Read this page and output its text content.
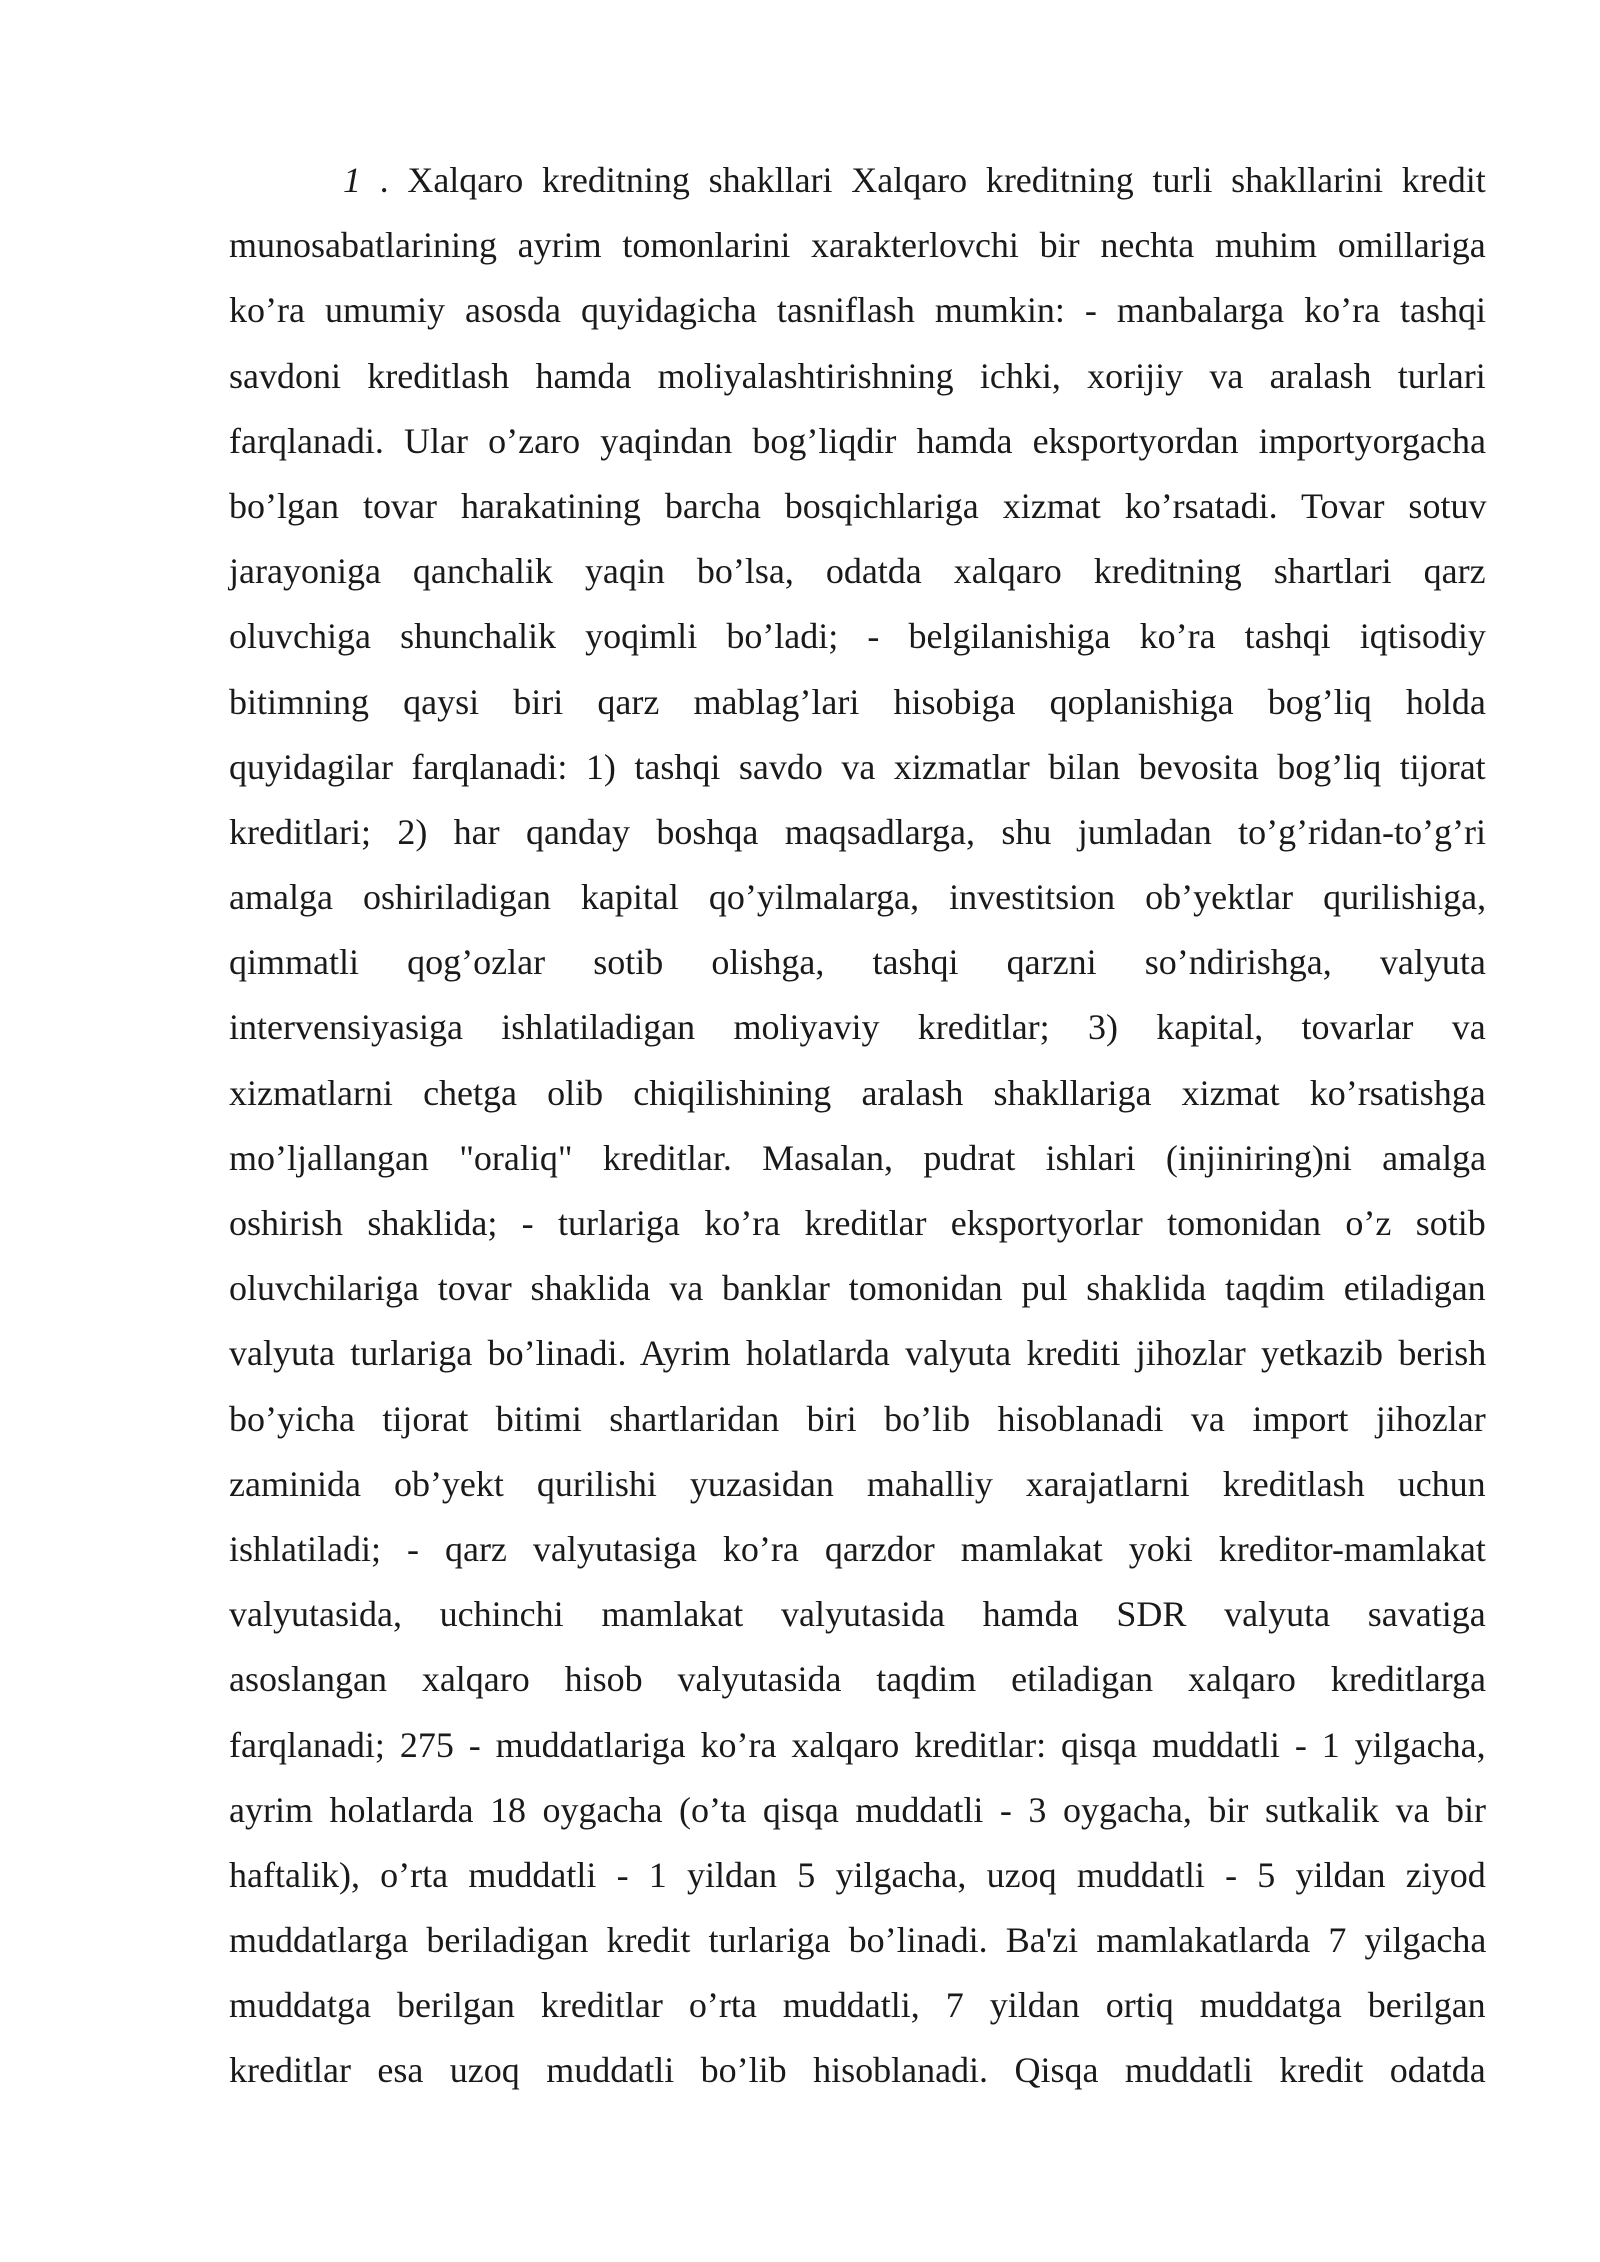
1 . Xalqaro kreditning shakllari Xalqaro kreditning turli shakllarini kredit
munosabatlarining ayrim tomonlarini xarakterlovchi bir nechta muhim omillariga
ko’ra umumiy asosda quyidagicha tasniflash mumkin: - manbalarga ko’ra tashqi
savdoni kreditlash hamda moliyalashtirishning ichki, xorijiy va aralash turlari
farqlanadi. Ular o’zaro yaqindan bog’liqdir hamda eksportyordan importyorgacha
bo’lgan tovar harakatining barcha bosqichlariga xizmat ko’rsatadi. Tovar sotuv
jarayoniga qanchalik yaqin bo’lsa, odatda xalqaro kreditning shartlari qarz
oluvchiga shunchalik yoqimli bo’ladi; - belgilanishiga ko’ra tashqi iqtisodiy
bitimning qaysi biri qarz mablag’lari hisobiga qoplanishiga bog’liq holda
quyidagilar farqlanadi: 1) tashqi savdo va xizmatlar bilan bevosita bog’liq tijorat
kreditlari; 2) har qanday boshqa maqsadlarga, shu jumladan to’g’ridan-to’g’ri
amalga oshiriladigan kapital qo’yilmalarga, investitsion ob’yektlar qurilishiga,
qimmatli qog’ozlar sotib olishga, tashqi qarzni so’ndirishga, valyuta
intervensiyasiga ishlatiladigan moliyaviy kreditlar; 3) kapital, tovarlar va
xizmatlarni chetga olib chiqilishining aralash shakllariga xizmat ko’rsatishga
mo’ljallangan "oraliq" kreditlar. Masalan, pudrat ishlari (injiniring)ni amalga
oshirish shaklida; - turlariga ko’ra kreditlar eksportyorlar tomonidan o’z sotib
oluvchilariga tovar shaklida va banklar tomonidan pul shaklida taqdim etiladigan
valyuta turlariga bo’linadi. Ayrim holatlarda valyuta krediti jihozlar yetkazib berish
bo’yicha tijorat bitimi shartlaridan biri bo’lib hisoblanadi va import jihozlar
zaminida ob’yekt qurilishi yuzasidan mahalliy xarajatlarni kreditlash uchun
ishlatiladi; - qarz valyutasiga ko’ra qarzdor mamlakat yoki kreditor-mamlakat
valyutasida, uchinchi mamlakat valyutasida hamda SDR valyuta savatiga
asoslangan xalqaro hisob valyutasida taqdim etiladigan xalqaro kreditlarga
farqlanadi; 275 - muddatlariga ko’ra xalqaro kreditlar: qisqa muddatli - 1 yilgacha,
ayrim holatlarda 18 oygacha (o’ta qisqa muddatli - 3 oygacha, bir sutkalik va bir
haftalik), o’rta muddatli - 1 yildan 5 yilgacha, uzoq muddatli - 5 yildan ziyod
muddatlarga beriladigan kredit turlariga bo’linadi. Ba'zi mamlakatlarda 7 yilgacha
muddatga berilgan kreditlar o’rta muddatli, 7 yildan ortiq muddatga berilgan
kreditlar esa uzoq muddatli bo’lib hisoblanadi. Qisqa muddatli kredit odatda
